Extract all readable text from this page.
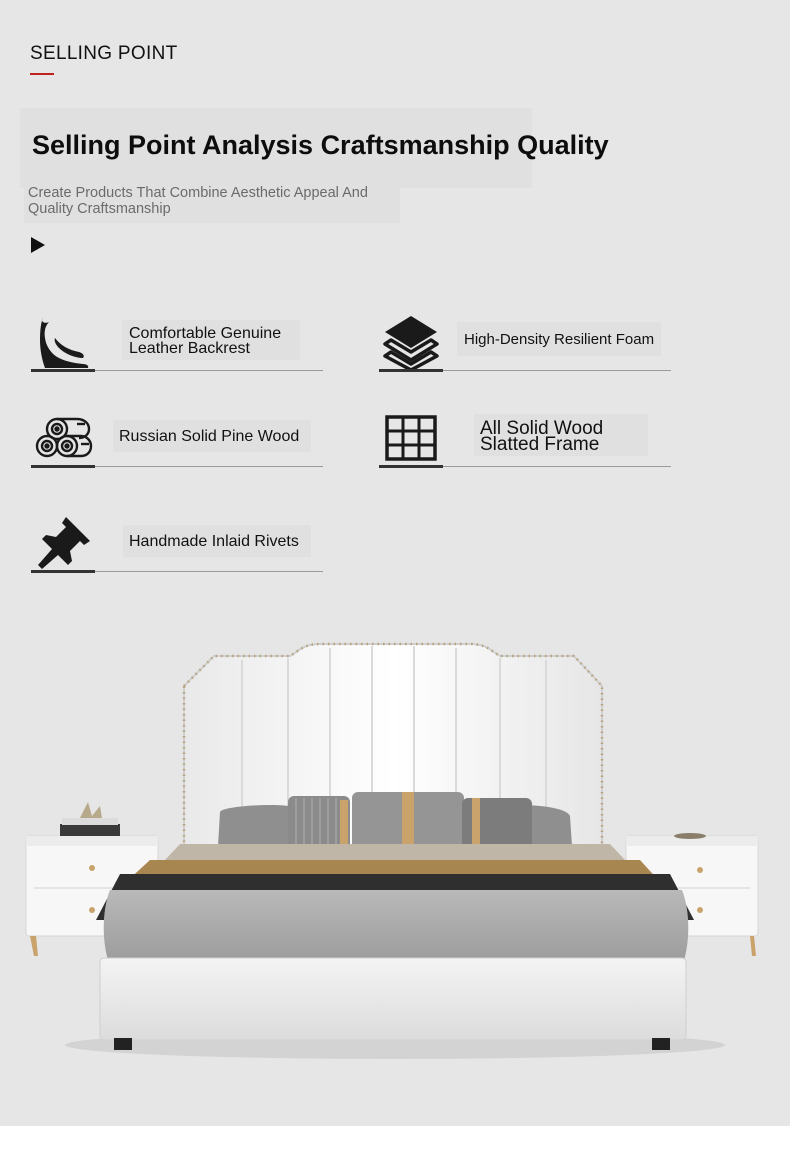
SELLING POINT
Selling Point Analysis Craftsmanship Quality
Create Products That Combine Aesthetic Appeal And Quality Craftsmanship
Comfortable Genuine Leather Backrest
High-Density Resilient Foam
Russian Solid Pine Wood	All Solid Wood Slatted Frame
Handmade Inlaid Rivets
